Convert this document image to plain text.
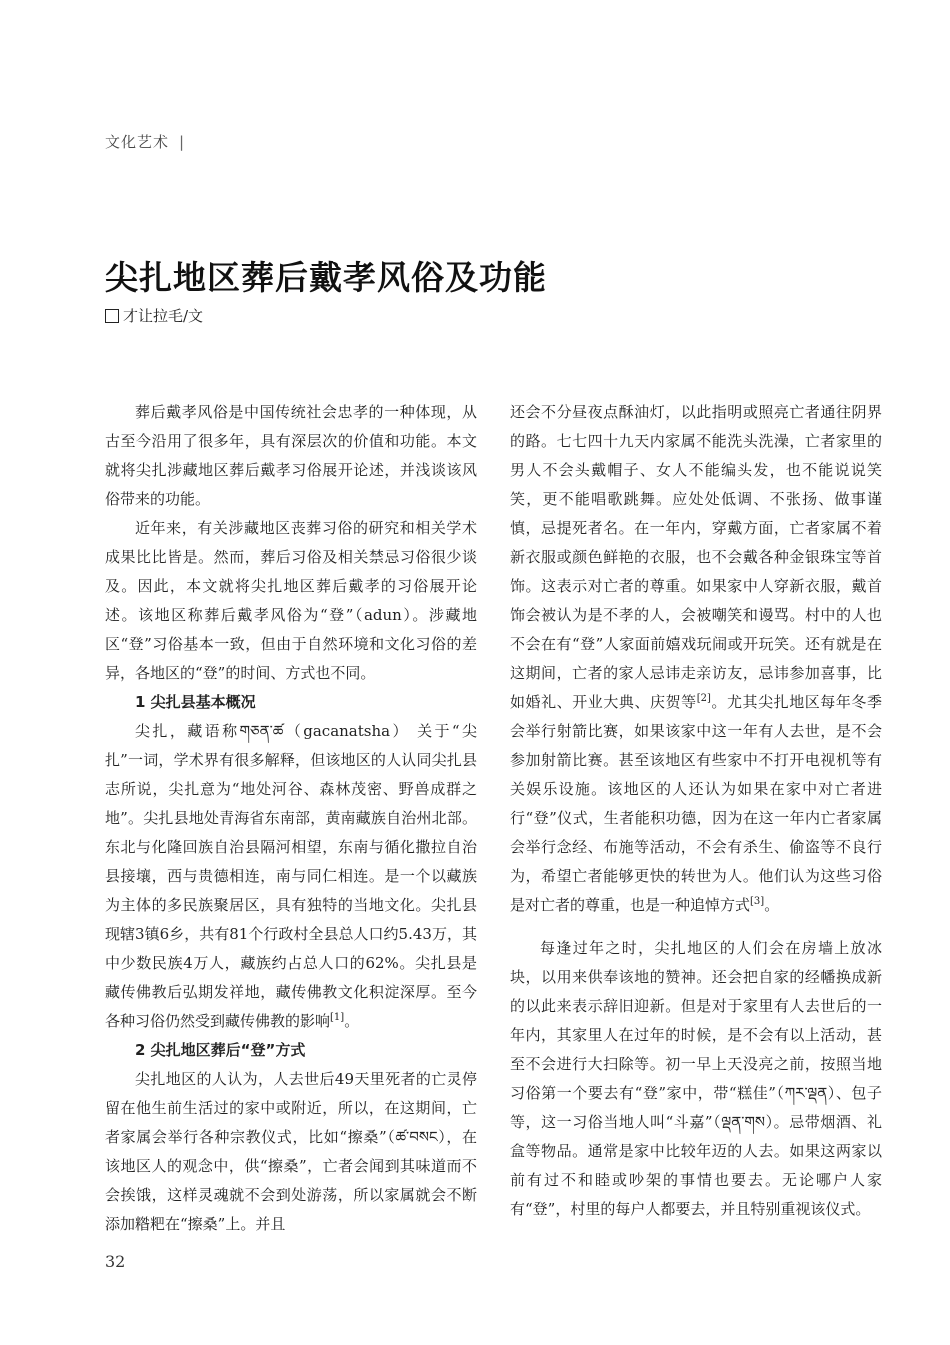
文化艺术 |
尖扎地区葬后戴孝风俗及功能
才让拉毛/文

葬后戴孝风俗是中国传统社会忠孝的一种体现，从古至今沿用了很多年，具有深层次的价值和功能。本文就将尖扎涉藏地区葬后戴孝习俗展开论述，并浅谈该风俗带来的功能。

近年来，有关涉藏地区丧葬习俗的研究和相关学术成果比比皆是。然而，葬后习俗及相关禁忌习俗很少谈及。因此，本文就将尖扎地区葬后戴孝的习俗展开论述。该地区称葬后戴孝风俗为“登”（adun）。涉藏地区“登”习俗基本一致，但由于自然环境和文化习俗的差异，各地区的“登”的时间、方式也不同。

1 尖扎县基本概况

尖扎，藏语称གཅན་ཚ（gacanatsha） 关于“尖扎”一词，学术界有很多解释，但该地区的人认同尖扎县志所说，尖扎意为“地处河谷、森林茂密、野兽成群之地”。尖扎县地处青海省东南部，黄南藏族自治州北部。东北与化隆回族自治县隔河相望，东南与循化撒拉自治县接壤，西与贵德相连，南与同仁相连。是一个以藏族为主体的多民族聚居区，具有独特的当地文化。尖扎县现辖3镇6乡，共有81个行政村全县总人口约5.43万，其中少数民族4万人，藏族约占总人口的62%。尖扎县是藏传佛教后弘期发祥地，藏传佛教文化积淀深厚。至今各种习俗仍然受到藏传佛教的影响[1]。

2 尖扎地区葬后“登”方式

尖扎地区的人认为，人去世后49天里死者的亡灵停留在他生前生活过的家中或附近，所以，在这期间，亡者家属会举行各种宗教仪式，比如“擦桑”（ཚ་བསང），在该地区人的观念中，供“擦桑”，亡者会闻到其味道而不会挨饿，这样灵魂就不会到处游荡，所以家属就会不断添加糌粑在“擦桑”上。并且

还会不分昼夜点酥油灯，以此指明或照亮亡者通往阴界的路。七七四十九天内家属不能洗头洗澡，亡者家里的男人不会头戴帽子、女人不能编头发，也不能说说笑笑，更不能唱歌跳舞。应处处低调、不张扬、做事谨慎，忌提死者名。在一年内，穿戴方面，亡者家属不着新衣服或颜色鲜艳的衣服，也不会戴各种金银珠宝等首饰。这表示对亡者的尊重。如果家中人穿新衣服，戴首饰会被认为是不孝的人，会被嘲笑和谩骂。村中的人也不会在有“登”人家面前嬉戏玩闹或开玩笑。还有就是在这期间，亡者的家人忌讳走亲访友，忌讳参加喜事，比如婚礼、开业大典、庆贺等[2]。尤其尖扎地区每年冬季会举行射箭比赛，如果该家中这一年有人去世，是不会参加射箭比赛。甚至该地区有些家中不打开电视机等有关娱乐设施。该地区的人还认为如果在家中对亡者进行“登”仪式，生者能积功德，因为在这一年内亡者家属会举行念经、布施等活动，不会有杀生、偷盗等不良行为，希望亡者能够更快的转世为人。他们认为这些习俗是对亡者的尊重，也是一种追悼方式[3]。

每逢过年之时，尖扎地区的人们会在房墙上放冰块，以用来供奉该地的赞神。还会把自家的经幡换成新的以此来表示辞旧迎新。但是对于家里有人去世后的一年内，其家里人在过年的时候，是不会有以上活动，甚至不会进行大扫除等。初一早上天没亮之前，按照当地习俗第一个要去有“登”家中，带“糕佳”（ཀར་ལྡན）、包子等，这一习俗当地人叫“斗嘉”（ལྡན་གས）。忌带烟酒、礼盒等物品。通常是家中比较年迈的人去。如果这两家以前有过不和睦或吵架的事情也要去。无论哪户人家有“登”，村里的每户人都要去，并且特别重视该仪式。

32
